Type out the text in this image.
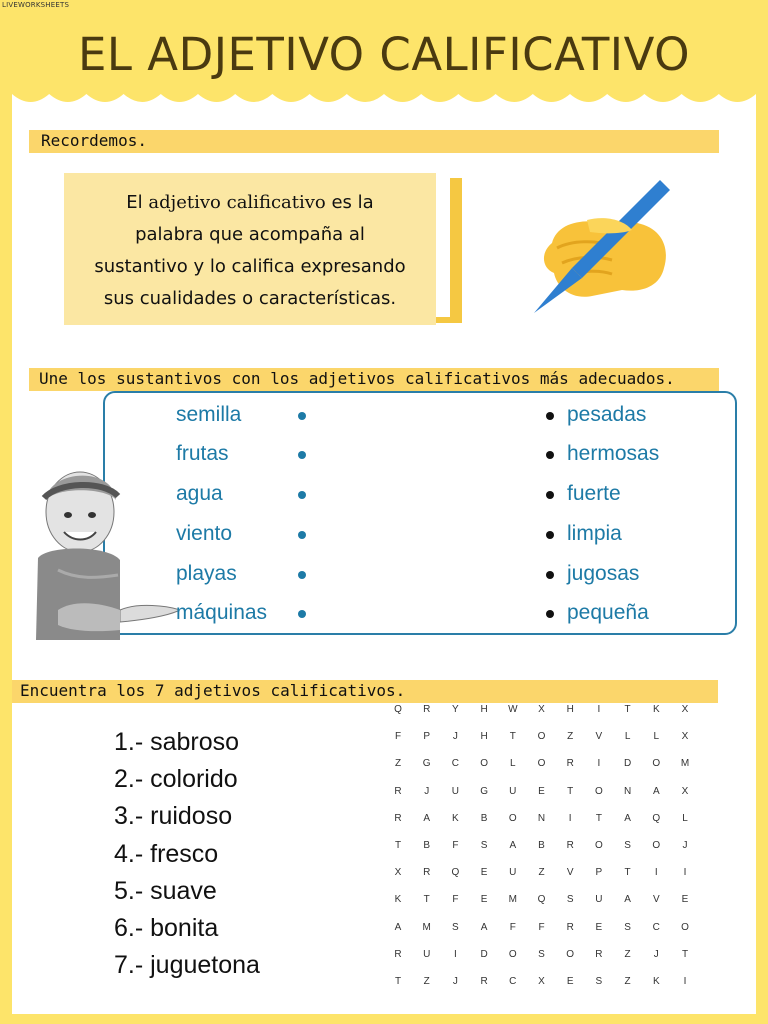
LIVEWORKSHEETS
EL ADJETIVO CALIFICATIVO
Recordemos.
El adjetivo calificativo es la
palabra que acompaña al
sustantivo y lo califica expresando
sus cualidades o características.
Une los sustantivos con los adjetivos calificativos más adecuados.
Encuentra los 7 adjetivos calificativos.
1.- sabroso
2.- colorido
3.- ruidoso
4.- fresco
5.- suave
6.- bonita
7.- juguetona
Q	R	Y	H	W	X	H	I	T	K	X
F	P	J	H	T	O	Z	V	L	L	X
Z	G	C	O	L	O	R	I	D	O	M
R	J	U	G	U	E	T	O	N	A	X
R	A	K	B	O	N	I	T	A	Q	L
T	B	F	S	A	B	R	O	S	O	J
X	R	Q	E	U	Z	V	P	T	I	I
K	T	F	E	M	Q	S	U	A	V	E
A	M	S	A	F	F	R	E	S	C	O
R	U	I	D	O	S	O	R	Z	J	T
T	Z	J	R	C	X	E	S	Z	K	I
semilla
frutas
agua
viento
playas
máquinas
pesadas
hermosas
fuerte
limpia
jugosas
pequeña
